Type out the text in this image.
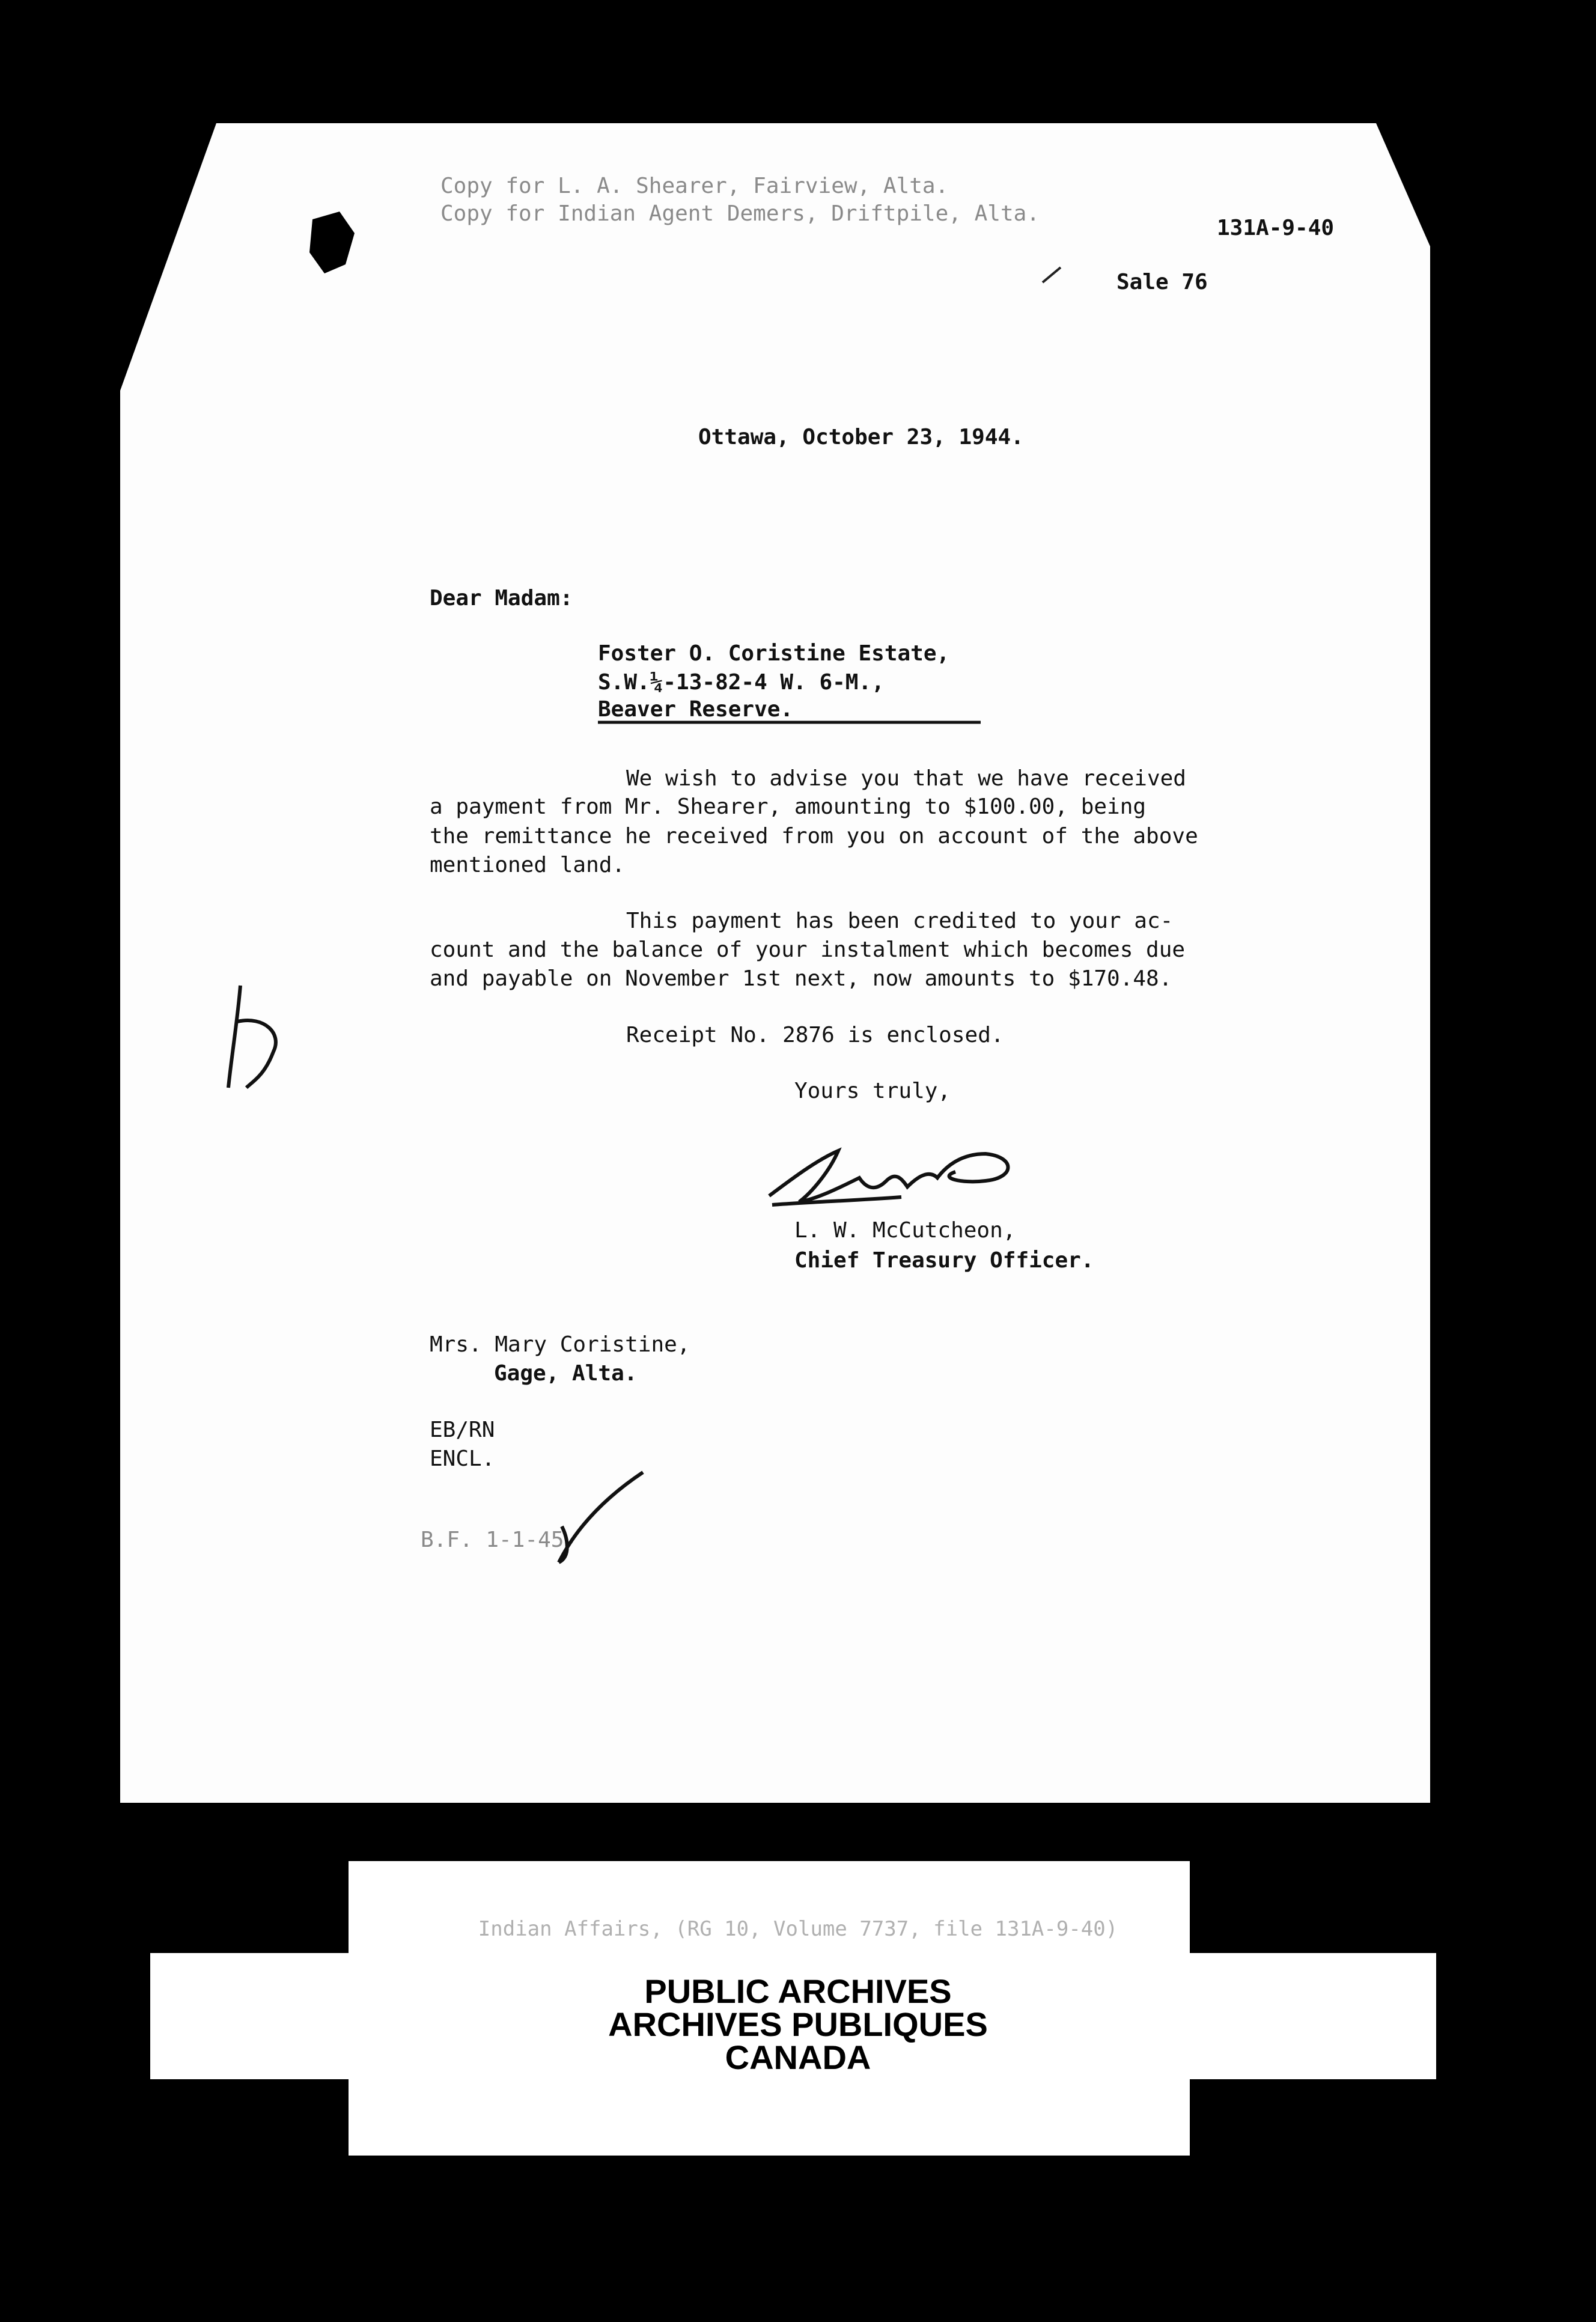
Copy for L. A. Shearer, Fairview, Alta.
Copy for Indian Agent Demers, Driftpile, Alta.
131A-9-40
Sale 76
Ottawa, October 23, 1944.
Dear Madam:
Foster O. Coristine Estate,
S.W.¼-13-82-4 W. 6-M.,
Beaver Reserve.
We wish to advise you that we have received
a payment from Mr. Shearer, amounting to $100.00, being
the remittance he received from you on account of the above
mentioned land.
This payment has been credited to your ac-
count and the balance of your instalment which becomes due
and payable on November 1st next, now amounts to $170.48.
Receipt No. 2876 is enclosed.
Yours truly,
L. W. McCutcheon,
Chief Treasury Officer.
Mrs. Mary Coristine,
Gage, Alta.
EB/RN
ENCL.
B.F. 1-1-45
Indian Affairs, (RG 10, Volume 7737, file 131A-9-40)
PUBLIC ARCHIVES
ARCHIVES PUBLIQUES
CANADA
